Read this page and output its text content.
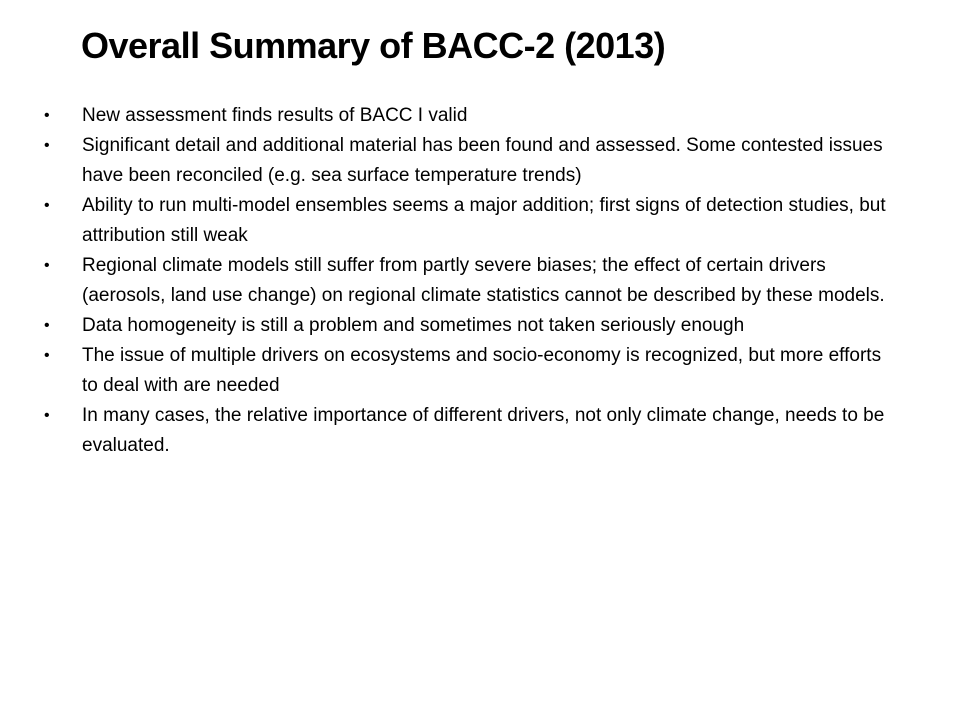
Overall Summary of BACC-2 (2013)
• New assessment finds results of BACC I valid
• Significant detail and additional material has been found and assessed. Some contested issues have been reconciled (e.g. sea surface temperature trends)
• Ability to run multi-model ensembles seems a major addition; first signs of detection studies, but attribution still weak
• Regional climate models still suffer from partly severe biases; the effect of certain drivers (aerosols, land use change) on regional climate statistics cannot be described by these models.
• Data homogeneity is still a problem and sometimes not taken seriously enough
• The issue of multiple drivers on ecosystems and socio-economy is recognized, but more efforts to deal with are needed
• In many cases, the relative importance of different drivers, not only climate change, needs to be evaluated.
